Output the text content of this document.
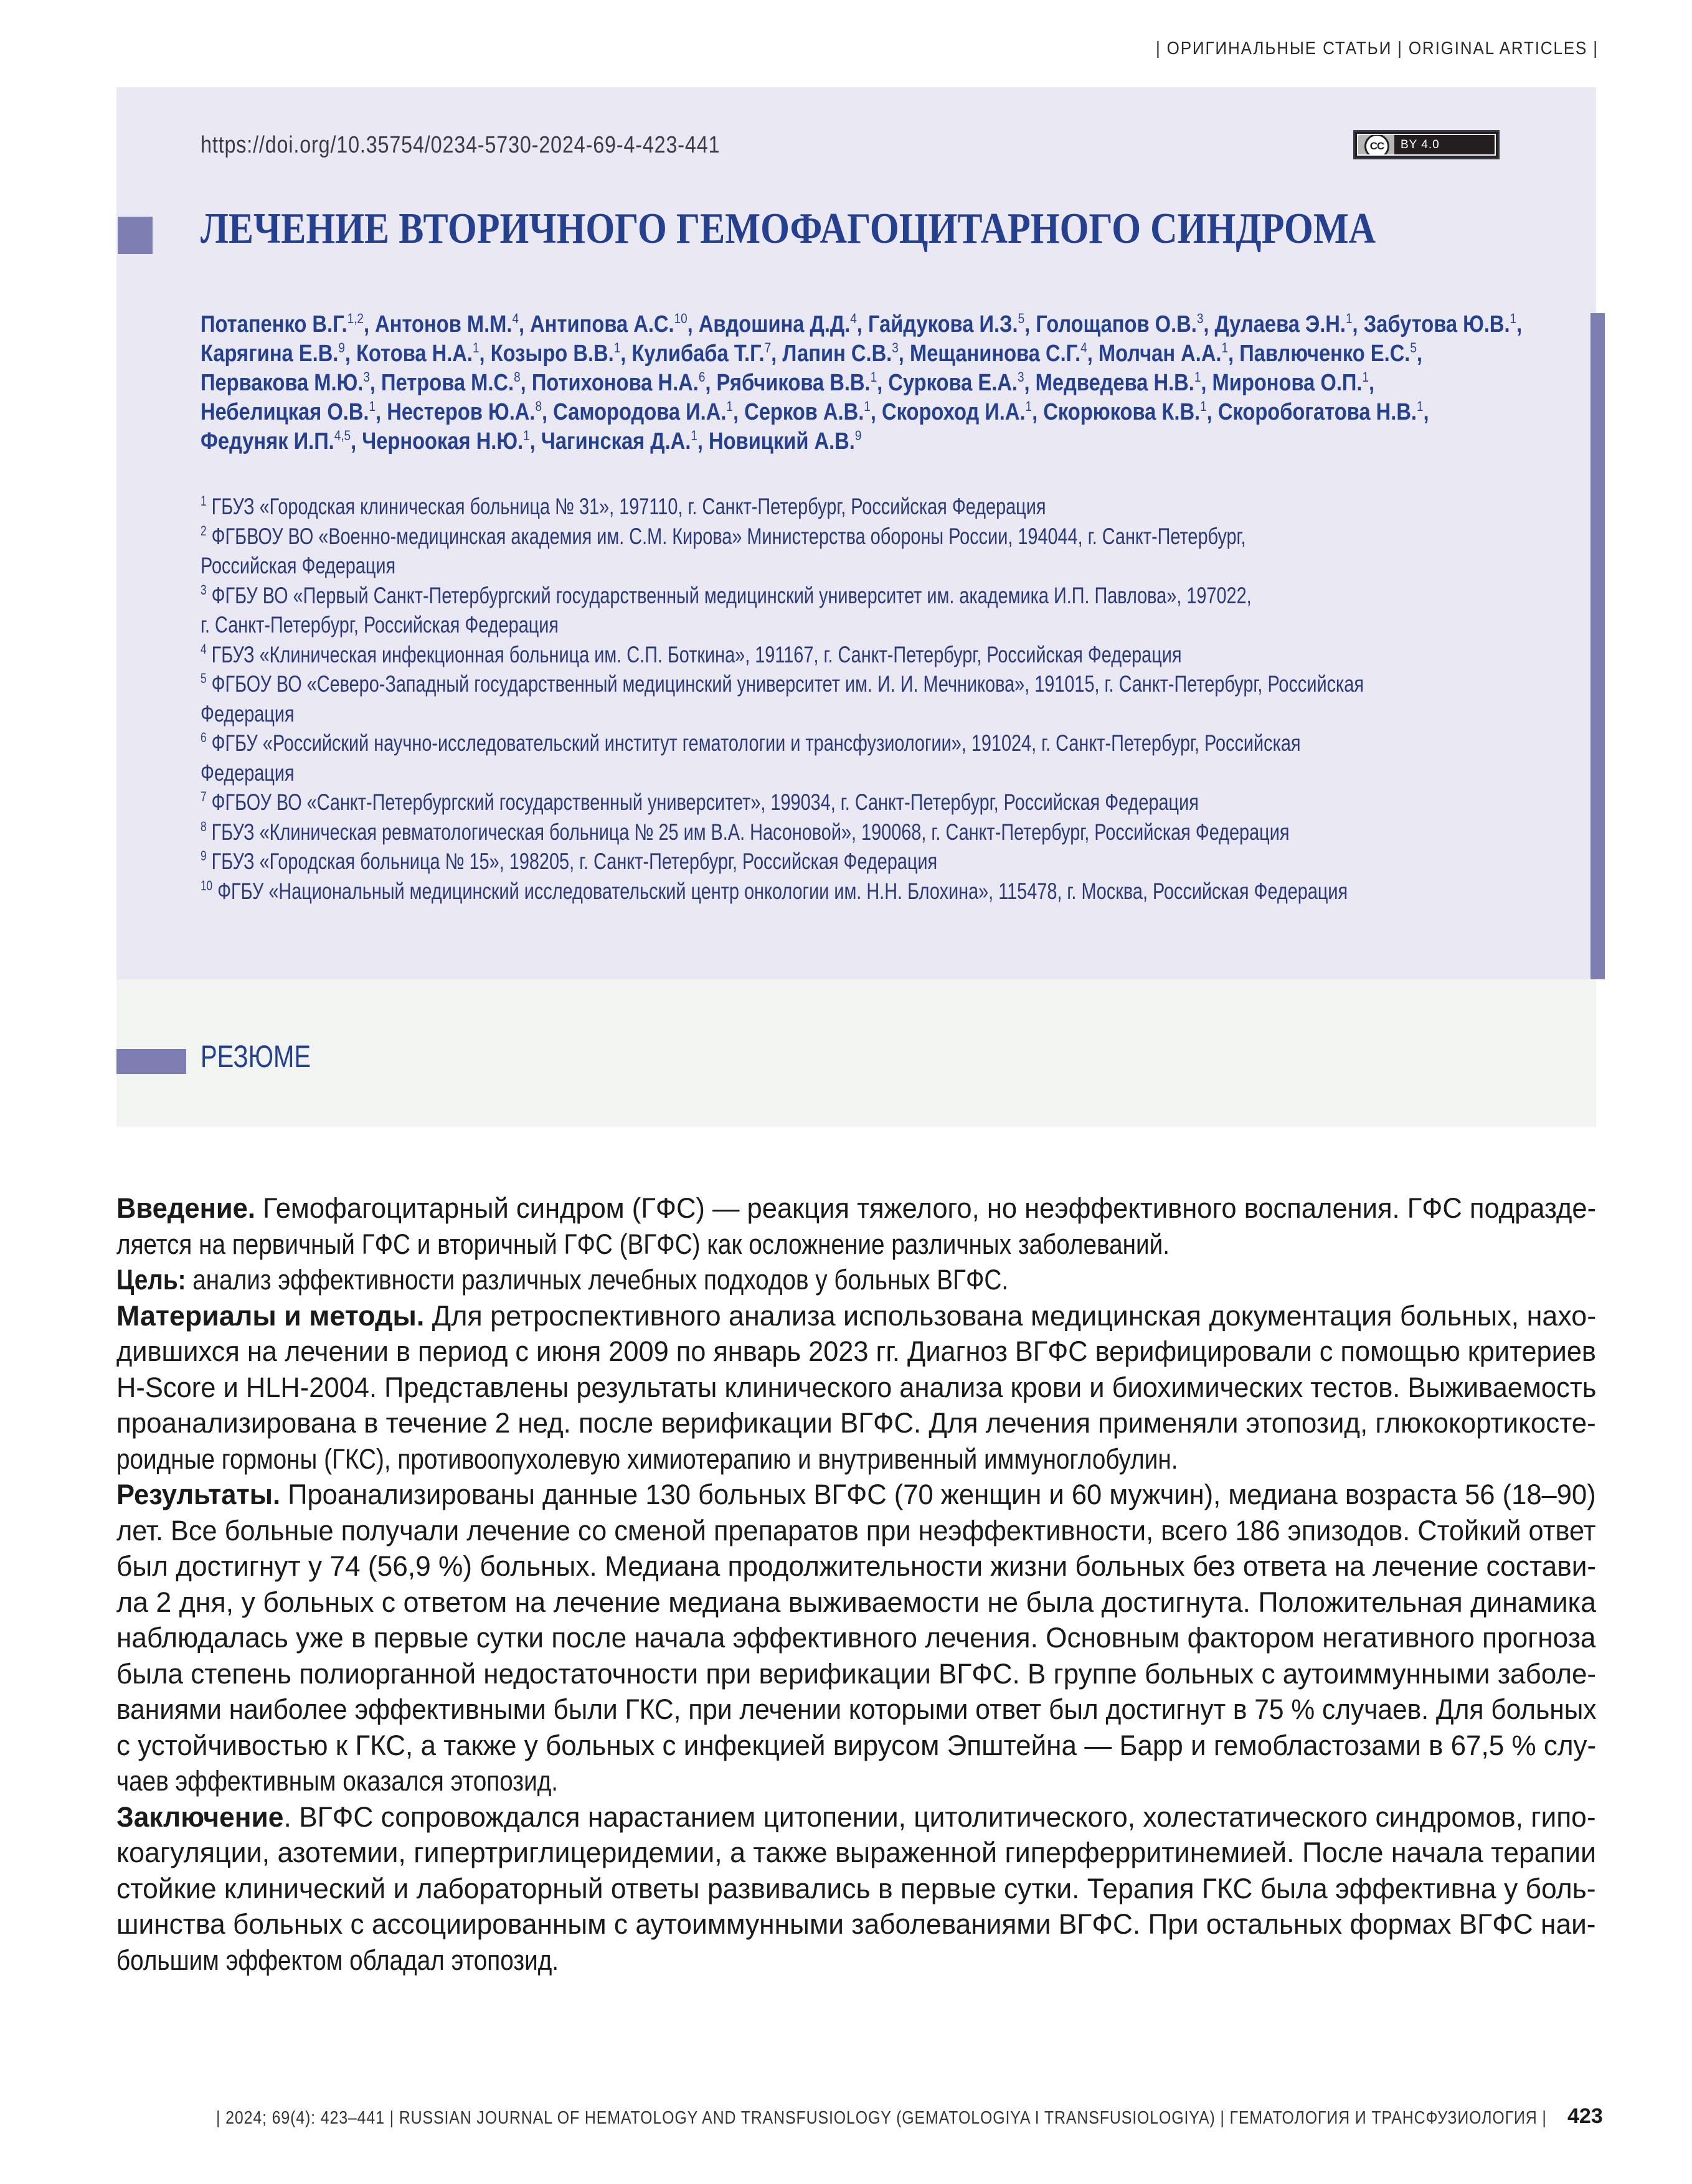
| ОРИГИНАЛЬНЫЕ СТАТЬИ | ORIGINAL ARTICLES |
https://doi.org/10.35754/0234-5730-2024-69-4-423-441	CC	BY 4.0
ЛЕЧЕНИЕ ВТОРИЧНОГО ГЕМОФАГОЦИТАРНОГО СИНДРОМА
Потапенко В.Г.$^{1,2}$, Антонов М.М.$^4$, Антипова А.С.$^{10}$, Авдошина Д.Д.$^4$, Гайдукова И.З.$^5$, Голощапов О.В.$^3$, Дулаева Э.Н.$^1$, Забутова Ю.В.$^1$,
Карягина Е.В.$^9$, Котова Н.А.$^1$, Козыро В.В.$^1$, Кулибаба Т.Г.$^7$, Лапин С.В.$^3$, Мещанинова С.Г.$^4$, Молчан А.А.$^1$, Павлюченко Е.С.$^5$,
Первакова М.Ю.$^3$, Петрова М.С.$^8$, Потихонова Н.А.$^6$, Рябчикова В.В.$^1$, Суркова Е.А.$^3$, Медведева Н.В.$^1$, Миронова О.П.$^1$,
Небелицкая О.В.$^1$, Нестеров Ю.А.$^8$, Самородова И.А.$^1$, Серков А.В.$^1$, Скороход И.А.$^1$, Скорюкова К.В.$^1$, Скоробогатова Н.В.$^1$,
Федуняк И.П.$^{4,5}$, Черноокая Н.Ю.$^1$, Чагинская Д.А.$^1$, Новицкий А.В.$^9$
$^1$ ГБУЗ «Городская клиническая больница № 31», 197110, г. Санкт-Петербург, Российская Федерация
$^2$ ФГБВОУ ВО «Военно-медицинская академия им. С.М. Кирова» Министерства обороны России, 194044, г. Санкт-Петербург,
Российская Федерация
$^3$ ФГБУ ВО «Первый Санкт-Петербургский государственный медицинский университет им. академика И.П. Павлова», 197022,
г. Санкт-Петербург, Российская Федерация
$^4$ ГБУЗ «Клиническая инфекционная больница им. С.П. Боткина», 191167, г. Санкт-Петербург, Российская Федерация
$^5$ ФГБОУ ВО «Северо-Западный государственный медицинский университет им. И. И. Мечникова», 191015, г. Санкт-Петербург, Российская
Федерация
$^6$ ФГБУ «Российский научно-исследовательский институт гематологии и трансфузиологии», 191024, г. Санкт-Петербург, Российская
Федерация
$^7$ ФГБОУ ВО «Санкт-Петербургский государственный университет», 199034, г. Санкт-Петербург, Российская Федерация
$^8$ ГБУЗ «Клиническая ревматологическая больница № 25 им В.А. Насоновой», 190068, г. Санкт-Петербург, Российская Федерация
$^9$ ГБУЗ «Городская больница № 15», 198205, г. Санкт-Петербург, Российская Федерация
$^{10}$ ФГБУ «Национальный медицинский исследовательский центр онкологии им. Н.Н. Блохина», 115478, г. Москва, Российская Федерация
РЕЗЮМЕ
Введение. Гемофагоцитарный синдром (ГФС) — реакция тяжелого, но неэффективного воспаления. ГФС подразде-
ляется на первичный ГФС и вторичный ГФС (ВГФС) как осложнение различных заболеваний.
Цель: анализ эффективности различных лечебных подходов у больных ВГФС.
Материалы и методы. Для ретроспективного анализа использована медицинская документация больных, нахо-
дившихся на лечении в период с июня 2009 по январь 2023 гг. Диагноз ВГФС верифицировали с помощью критериев
H-Score и HLH-2004. Представлены результаты клинического анализа крови и биохимических тестов. Выживаемость
проанализирована в течение 2 нед. после верификации ВГФС. Для лечения применяли этопозид, глюкокортикосте-
роидные гормоны (ГКС), противоопухолевую химиотерапию и внутривенный иммуноглобулин.
Результаты. Проанализированы данные 130 больных ВГФС (70 женщин и 60 мужчин), медиана возраста 56 (18–90)
лет. Все больные получали лечение со сменой препаратов при неэффективности, всего 186 эпизодов. Стойкий ответ
был достигнут у 74 (56,9 %) больных. Медиана продолжительности жизни больных без ответа на лечение состави-
ла 2 дня, у больных с ответом на лечение медиана выживаемости не была достигнута. Положительная динамика
наблюдалась уже в первые сутки после начала эффективного лечения. Основным фактором негативного прогноза
была степень полиорганной недостаточности при верификации ВГФС. В группе больных с аутоиммунными заболе-
ваниями наиболее эффективными были ГКС, при лечении которыми ответ был достигнут в 75 % случаев. Для больных
с устойчивостью к ГКС, а также у больных с инфекцией вирусом Эпштейна — Барр и гемобластозами в 67,5 % слу-
чаев эффективным оказался этопозид.
Заключение. ВГФС сопровождался нарастанием цитопении, цитолитического, холестатического синдромов, гипо-
коагуляции, азотемии, гипертриглицеридемии, а также выраженной гиперферритинемией. После начала терапии
стойкие клинический и лабораторный ответы развивались в первые сутки. Терапия ГКС была эффективна у боль-
шинства больных с ассоциированным с аутоиммунными заболеваниями ВГФС. При остальных формах ВГФС наи-
большим эффектом обладал этопозид.
| 2024; 69(4): 423–441 | RUSSIAN JOURNAL OF HEMATOLOGY AND TRANSFUSIOLOGY (GEMATOLOGIYA I TRANSFUSIOLOGIYA) | ГЕМАТОЛОГИЯ И ТРАНСФУЗИОЛОГИЯ | 423
